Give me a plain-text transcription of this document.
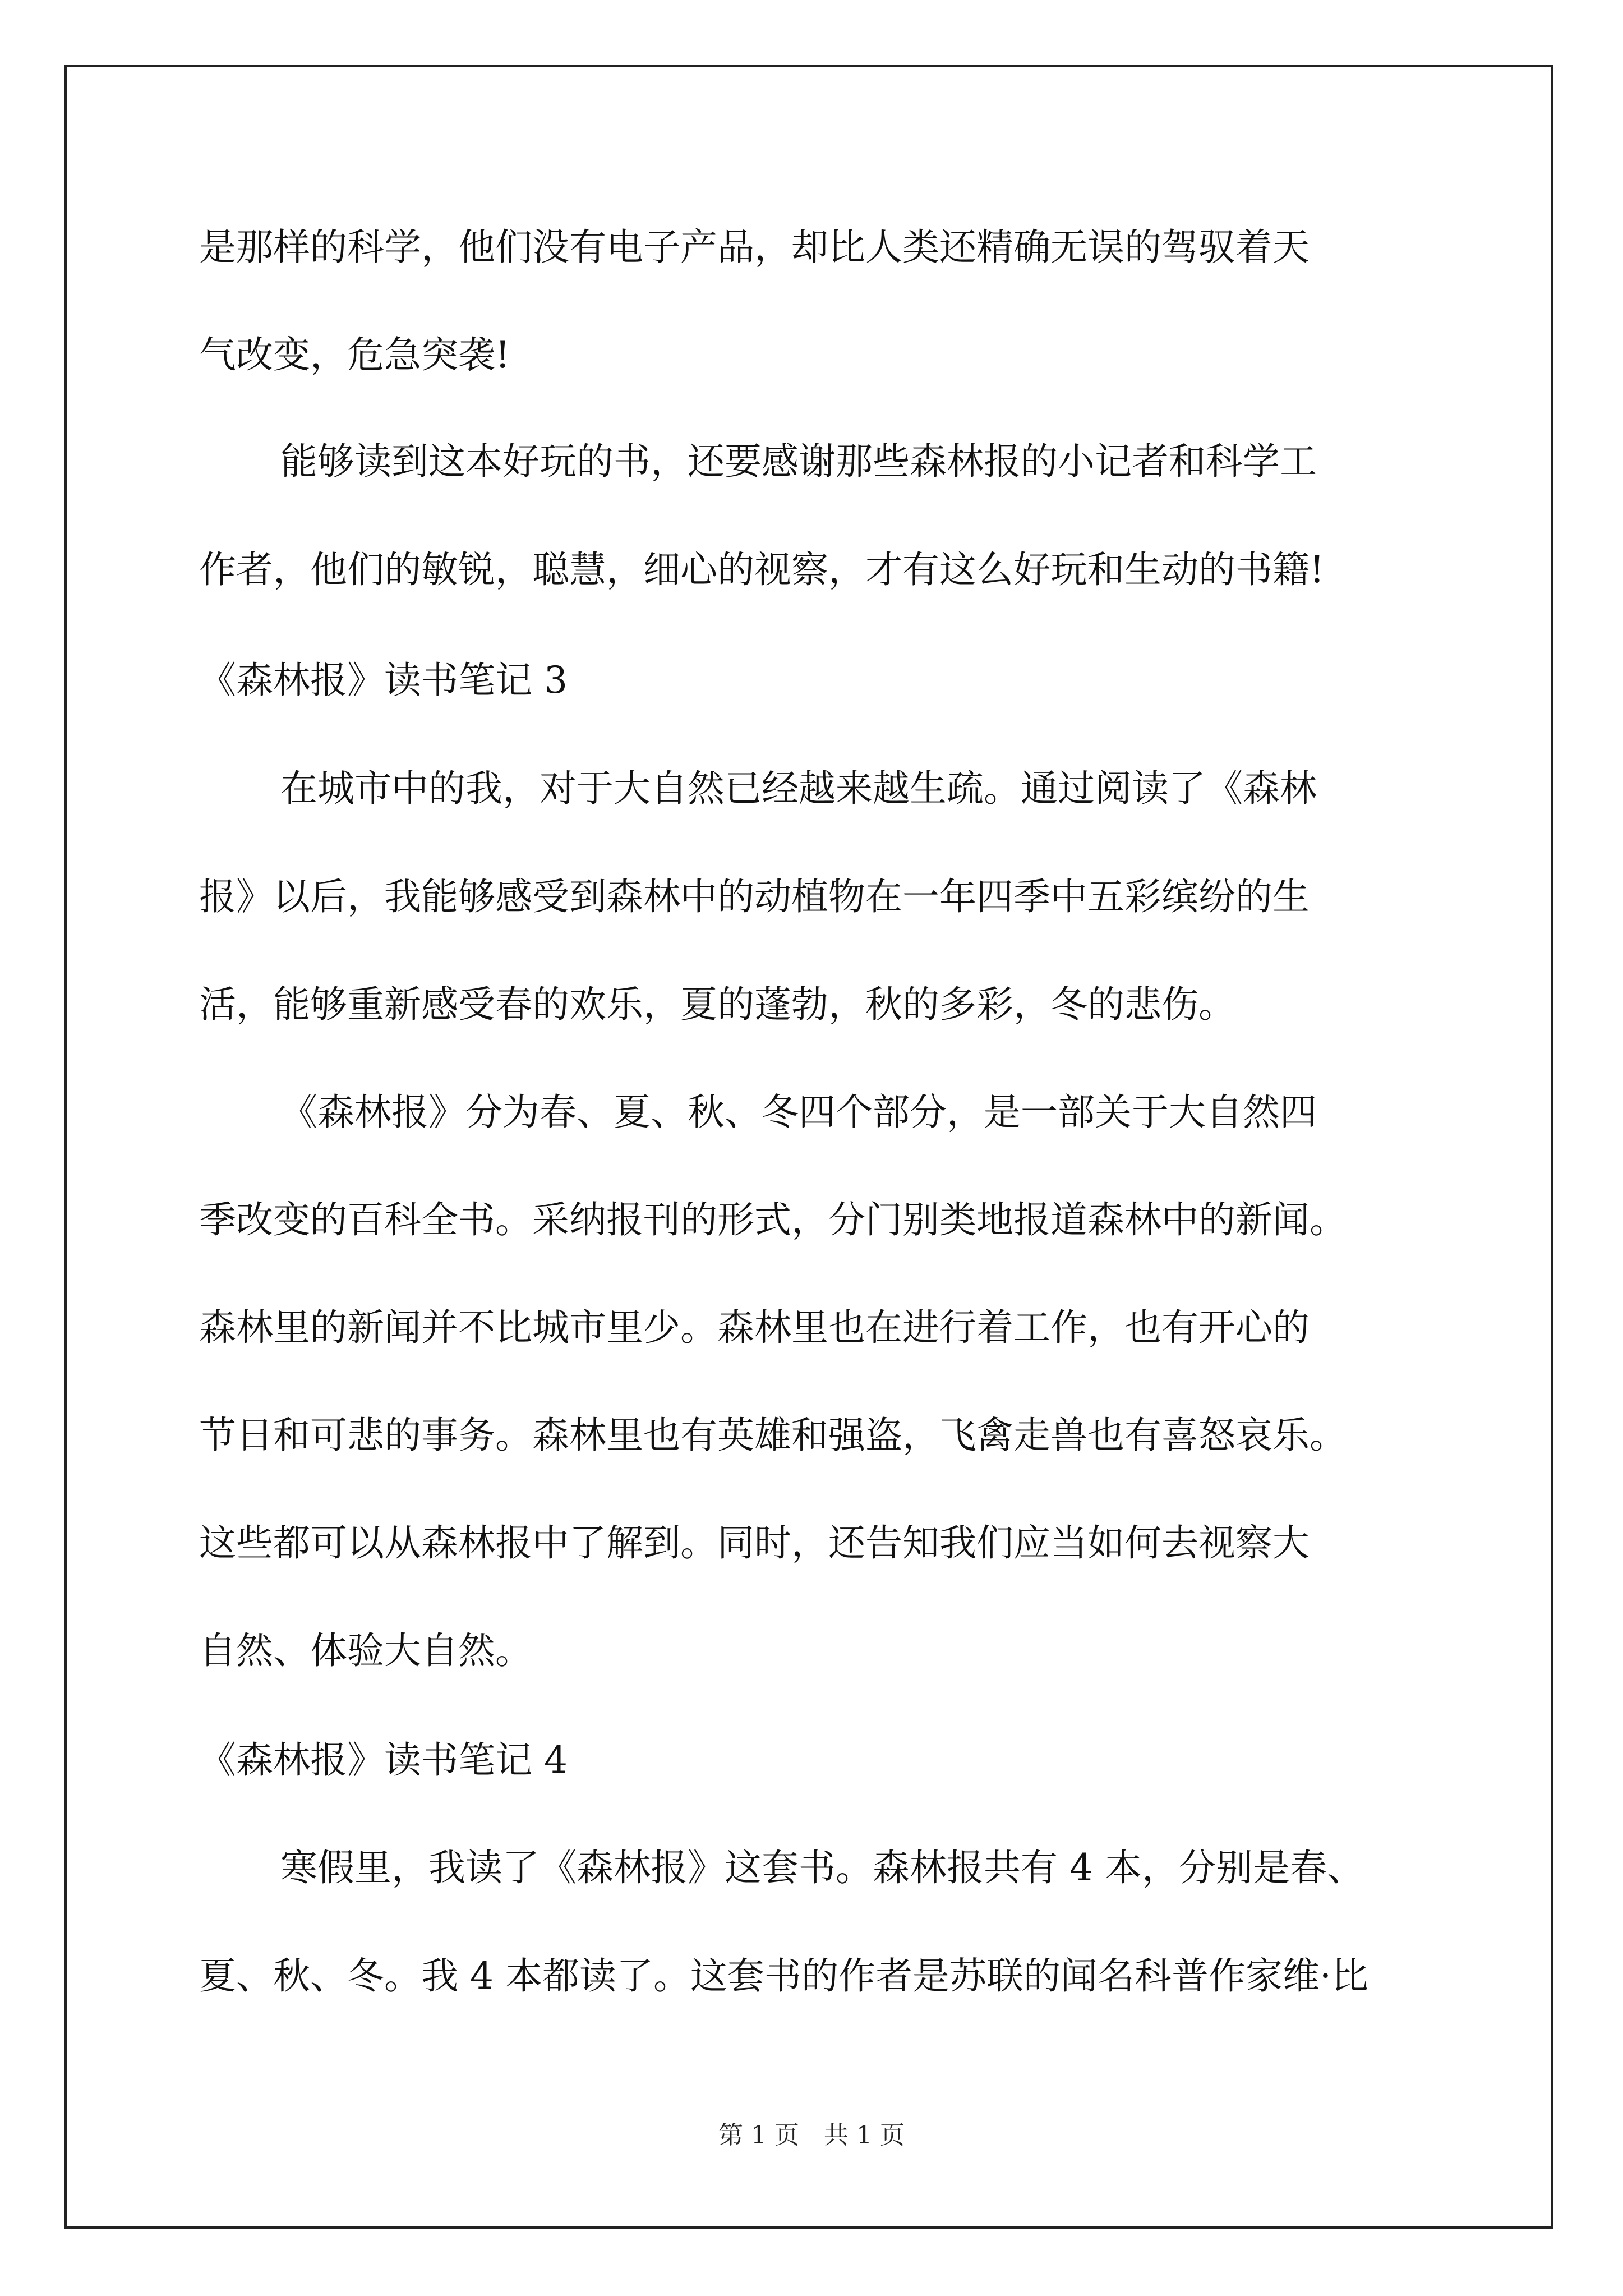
是那样的科学，他们没有电子产品，却比人类还精确无误的驾驭着天
气改变，危急突袭!
能够读到这本好玩的书，还要感谢那些森林报的小记者和科学工
作者，他们的敏锐，聪慧，细心的视察，才有这么好玩和生动的书籍!
《森林报》读书笔记 3
在城市中的我，对于大自然已经越来越生疏。通过阅读了《森林
报》以后，我能够感受到森林中的动植物在一年四季中五彩缤纷的生
活，能够重新感受春的欢乐，夏的蓬勃，秋的多彩，冬的悲伤。
《森林报》分为春、夏、秋、冬四个部分，是一部关于大自然四
季改变的百科全书。采纳报刊的形式，分门别类地报道森林中的新闻。
森林里的新闻并不比城市里少。森林里也在进行着工作，也有开心的
节日和可悲的事务。森林里也有英雄和强盗，飞禽走兽也有喜怒哀乐。
这些都可以从森林报中了解到。同时，还告知我们应当如何去视察大
自然、体验大自然。
《森林报》读书笔记 4
寒假里，我读了《森林报》这套书。森林报共有 4 本，分别是春、
夏、秋、冬。我 4 本都读了。这套书的作者是苏联的闻名科普作家维·比
第 1 页　共 1 页
